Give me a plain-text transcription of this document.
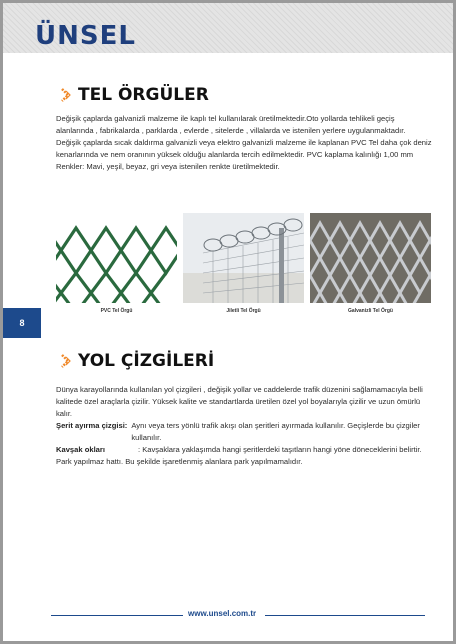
ÜNSEL
TEL ÖRGÜLER

Değişik çaplarda galvanizli malzeme ile kaplı tel kullanılarak üretilmektedir.Oto yollarda tehlikeli geçiş alanlarında , fabrikalarda , parklarda , evlerde , sitelerde , villalarda ve istenilen yerlere uygulanmaktadır.

Değişik çaplarda sıcak daldırma galvanizli veya elektro galvanizli malzeme ile kaplanan PVC Tel daha çok deniz kenarlarında ve nem oranının yüksek olduğu alanlarda tercih edilmektedir. PVC kaplama kalınlığı 1,00 mm

Renkler: Mavi, yeşil, beyaz, gri veya istenilen renkte üretilmektedir.

PVC Tel Örgü	Jiletli Tel Örgü	Galvanizli Tel Örgü
8
YOL ÇİZGİLERİ

Dünya karayollarında kullanılan yol çizgileri , değişik yollar ve caddelerde trafik düzenini sağlamamacıyla belli kalitede özel araçlarla çizilir. Yüksek kalite ve standartlarda üretilen özel yol boyalarıyla çizilir ve uzun ömürlü kalır.

Şerit ayırma çizgisi: Aynı veya ters yönlü trafik akışı olan şeritleri ayırmada kullanılır. Geçişlerde bu çizgiler kullanılır.
Kavşak okları	: Kavşaklara yaklaşımda hangi şeritlerdeki taşıtların hangi yöne döneceklerini belirtir.

Park yapılmaz hattı. Bu şekilde işaretlenmiş alanlara park yapılmamalıdır.

www.unsel.com.tr
